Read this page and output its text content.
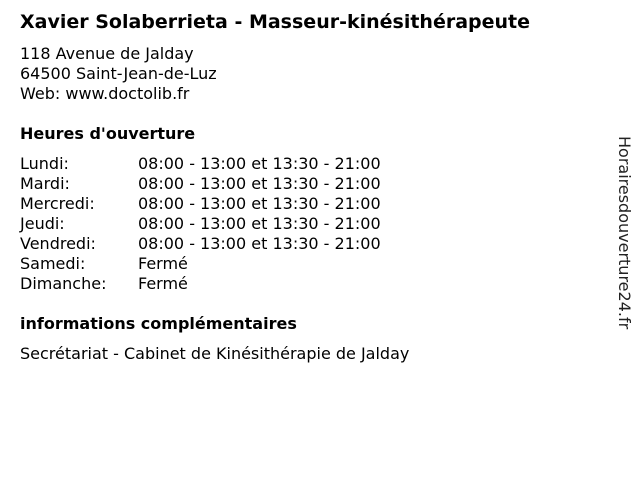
Xavier Solaberrieta - Masseur-kinésithérapeute
118 Avenue de Jalday
64500 Saint-Jean-de-Luz
Web: www.doctolib.fr
Heures d'ouverture
Lundi:	08:00 - 13:00 et 13:30 - 21:00
Mardi:	08:00 - 13:00 et 13:30 - 21:00
Mercredi:	08:00 - 13:00 et 13:30 - 21:00
Jeudi:	08:00 - 13:00 et 13:30 - 21:00
Vendredi:	08:00 - 13:00 et 13:30 - 21:00
Samedi:	Fermé
Dimanche:	Fermé
informations complémentaires
Secrétariat - Cabinet de Kinésithérapie de Jalday
Horairesdouverture24.fr
